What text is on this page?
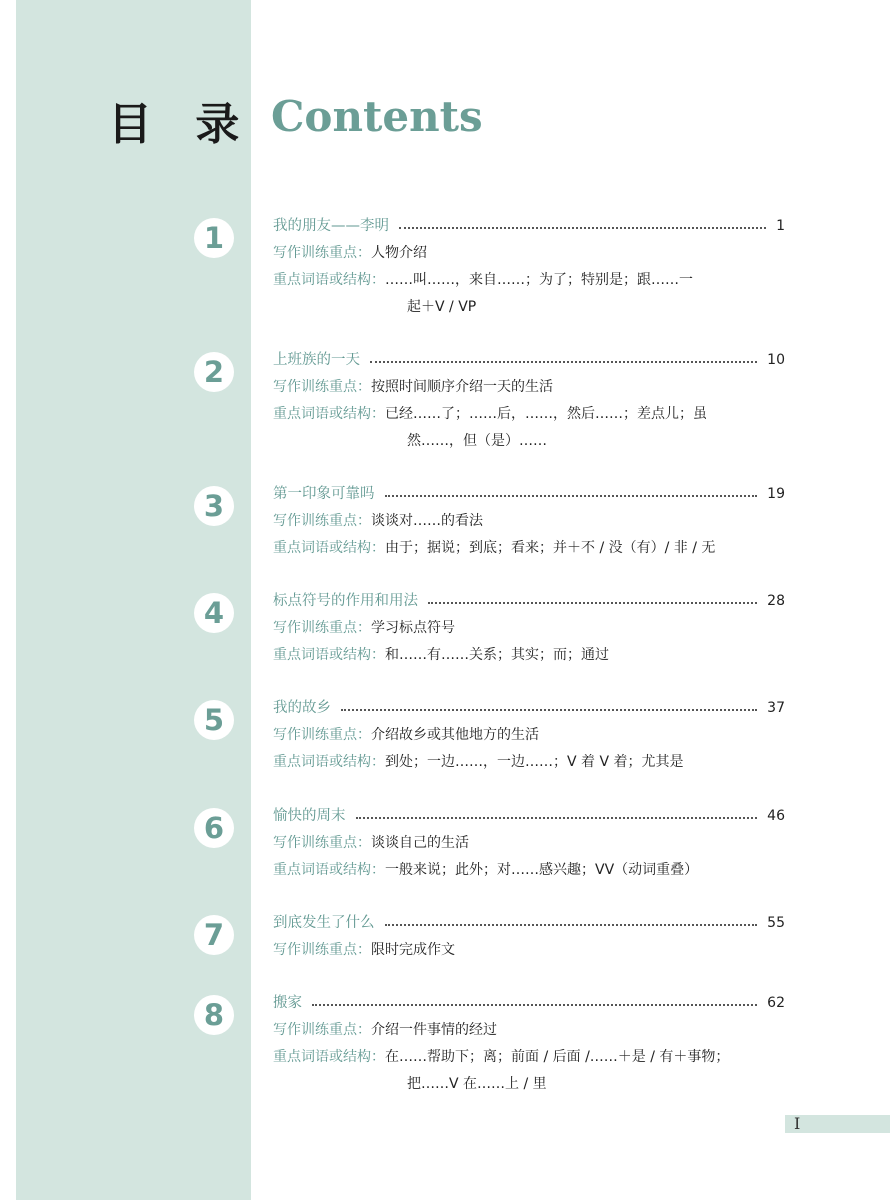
目 录 Contents
1	我的朋友——李明	1
写作训练重点：人物介绍
重点词语或结构：……叫……，来自……；为了；特别是；跟……一
起＋V / VP
2	上班族的一天	10
写作训练重点：按照时间顺序介绍一天的生活
重点词语或结构：已经……了；……后，……，然后……；差点儿；虽
然……，但（是）……
3	第一印象可靠吗	19
写作训练重点：谈谈对……的看法
重点词语或结构：由于；据说；到底；看来；并＋不 / 没（有）/ 非 / 无
4	标点符号的作用和用法	28
写作训练重点：学习标点符号
重点词语或结构：和……有……关系；其实；而；通过
5	我的故乡	37
写作训练重点：介绍故乡或其他地方的生活
重点词语或结构：到处；一边……，一边……；V 着 V 着；尤其是
6	愉快的周末	46
写作训练重点：谈谈自己的生活
重点词语或结构：一般来说；此外；对……感兴趣；VV（动词重叠）
7	到底发生了什么	55
写作训练重点：限时完成作文
8	搬家	62
写作训练重点：介绍一件事情的经过
重点词语或结构：在……帮助下；离；前面 / 后面 /……＋是 / 有＋事物；
把……V 在……上 / 里
I
